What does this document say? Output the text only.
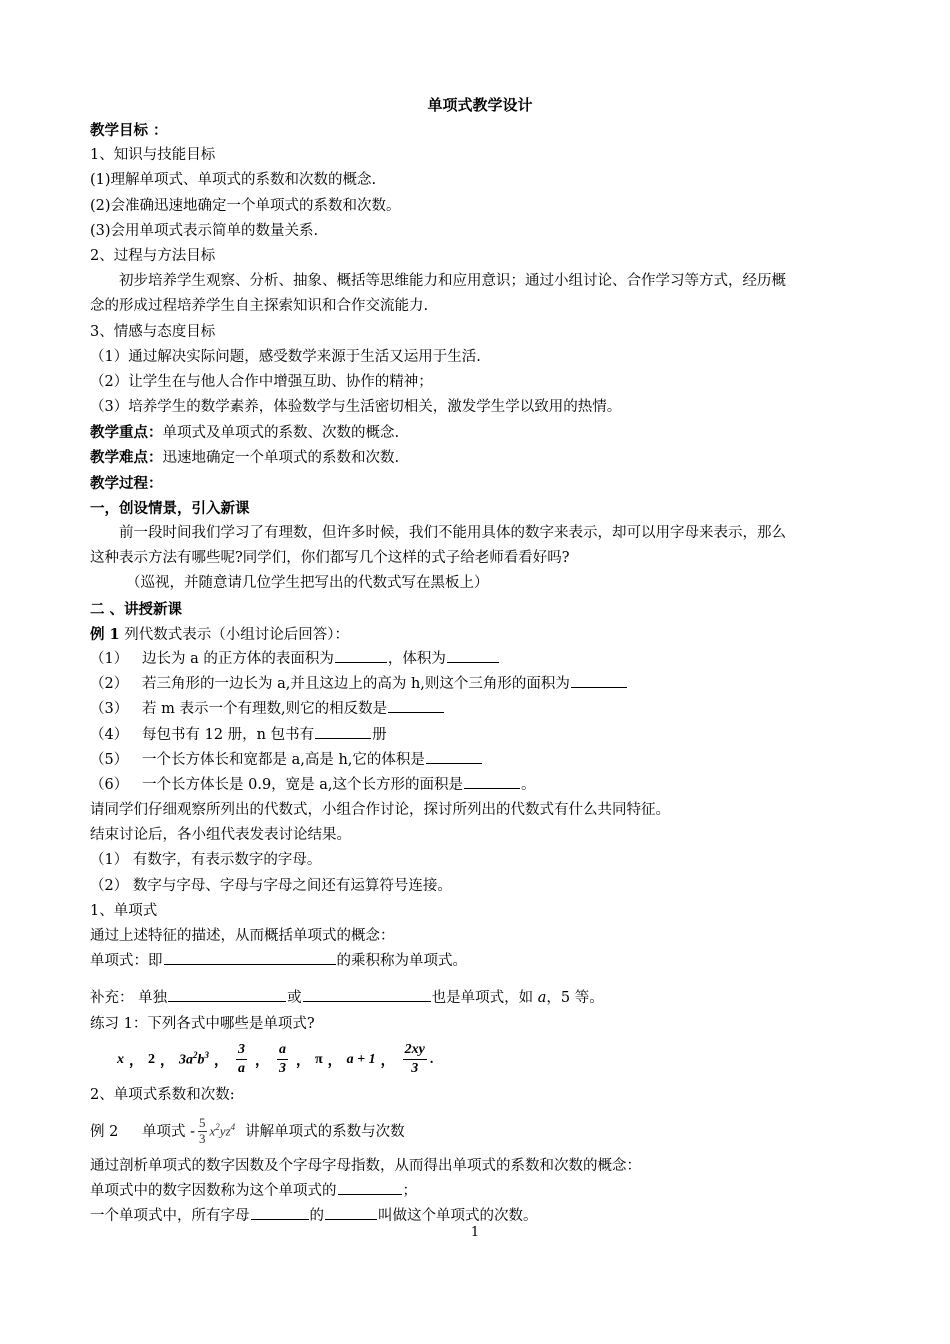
单项式教学设计
教学目标 ：
1、知识与技能目标
(1)理解单项式、单项式的系数和次数的概念.
(2)会准确迅速地确定一个单项式的系数和次数。
(3)会用单项式表示简单的数量关系.
2、过程与方法目标
初步培养学生观察、分析、抽象、概括等思维能力和应用意识；通过小组讨论、合作学习等方式，经历概
念的形成过程培养学生自主探索知识和合作交流能力.
3、情感与态度目标
（1）通过解决实际问题，感受数学来源于生活又运用于生活.
（2）让学生在与他人合作中增强互助、协作的精神；
（3）培养学生的数学素养，体验数学与生活密切相关，激发学生学以致用的热情。
教学重点：单项式及单项式的系数、次数的概念.
教学难点：迅速地确定一个单项式的系数和次数.
教学过程：
一，创设情景，引入新课
前一段时间我们学习了有理数，但许多时候，我们不能用具体的数字来表示，却可以用字母来表示，那么
这种表示方法有哪些呢?同学们，你们都写几个这样的式子给老师看看好吗?
（巡视，并随意请几位学生把写出的代数式写在黑板上）
二 、讲授新课
例 1 列代数式表示（小组讨论后回答）：
（1） 边长为 a 的正方体的表面积为	，体积为
（2） 若三角形的一边长为 a,并且这边上的高为 h,则这个三角形的面积为
（3） 若 m 表示一个有理数,则它的相反数是
（4） 每包书有 12 册，n 包书有	册
（5） 一个长方体长和宽都是 a,高是 h,它的体积是
（6） 一个长方体长是 0.9，宽是 a,这个长方形的面积是	。
请同学们仔细观察所列出的代数式，小组合作讨论，探讨所列出的代数式有什么共同特征。
结束讨论后，各小组代表发表讨论结果。
（1） 有数字，有表示数字的字母。
（2） 数字与字母、字母与字母之间还有运算符号连接。
1、单项式
通过上述特征的描述，从而概括单项式的概念：
单项式：即	的乘积称为单项式。
补充： 单独	或	也是单项式，如 a，5 等。
练习 1：下列各式中哪些是单项式?
x ， 2 ， $3a^2b^3$ ， $\frac{3}{a}$ ， $\frac{a}{3}$ ， π ， a + 1 ， $\frac{2xy}{3}$ .
2、单项式系数和次数:
例 2	单项式 - $\frac{5}{3} x^2yz^4$ 讲解单项式的系数与次数
通过剖析单项式的数字因数及个字母字母指数，从而得出单项式的系数和次数的概念：
单项式中的数字因数称为这个单项式的	；
一个单项式中，所有字母	的	叫做这个单项式的次数。
1
